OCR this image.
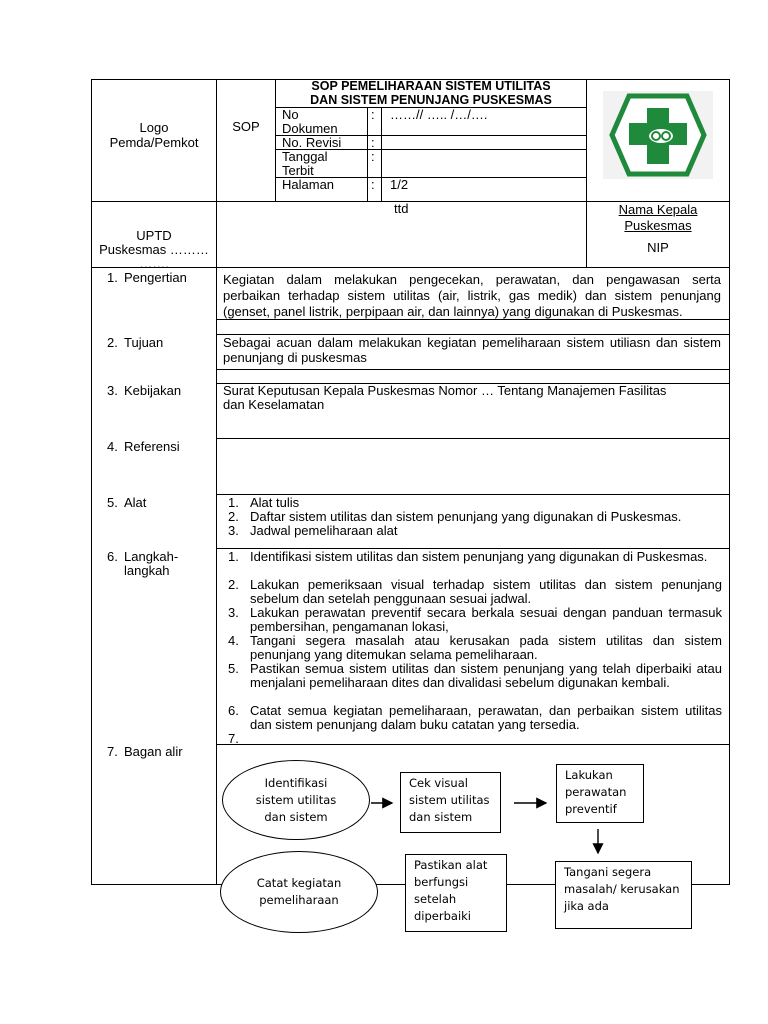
Logo
Pemda/Pemkot
SOP
SOP PEMELIHARAAN SISTEM UTILITAS
DAN SISTEM PENUNJANG PUSKESMAS
No
Dokumen
: ……// ….. /…/….
No. Revisi :
Tanggal
Terbit
:
Halaman	: 1/2
UPTD
Puskesmas ………
…….
ttd	Nama Kepala
Puskesmas
NIP
1. Pengertian
2. Tujuan
3. Kebijakan
4. Referensi
5. Alat
6. Langkah-
langkah
7. Bagan alir
Kegiatan dalam melakukan pengecekan, perawatan, dan pengawasan serta perbaikan terhadap sistem utilitas (air, listrik, gas medik) dan sistem penunjang (genset, panel listrik, perpipaan air, dan lainnya) yang digunakan di Puskesmas.
Sebagai acuan dalam melakukan kegiatan pemeliharaan sistem utiliasn dan sistem penunjang di puskesmas
Surat Keputusan Kepala Puskesmas Nomor … Tentang Manajemen Fasilitas
dan Keselamatan
1. Alat tulis
2. Daftar sistem utilitas dan sistem penunjang yang digunakan di Puskesmas.
3. Jadwal pemeliharaan alat
1. Identifikasi sistem utilitas dan sistem penunjang yang digunakan di Puskesmas.
2. Lakukan pemeriksaan visual terhadap sistem utilitas dan sistem penunjang sebelum dan setelah penggunaan sesuai jadwal.
3. Lakukan perawatan preventif secara berkala sesuai dengan panduan termasuk pembersihan, pengamanan lokasi,
4. Tangani segera masalah atau kerusakan pada sistem utilitas dan sistem penunjang yang ditemukan selama pemeliharaan.
5. Pastikan semua sistem utilitas dan sistem penunjang yang telah diperbaiki atau menjalani pemeliharaan dites dan divalidasi sebelum digunakan kembali.
6. Catat semua kegiatan pemeliharaan, perawatan, dan perbaikan sistem utilitas dan sistem penunjang dalam buku catatan yang tersedia.
7.
Identifikasi
sistem utilitas
dan sistem
Cek visual
sistem utilitas
dan sistem
Lakukan
perawatan
preventif
Tangani segera
masalah/ kerusakan
jika ada
Pastikan alat
berfungsi
setelah
diperbaiki
Catat kegiatan
pemeliharaan
